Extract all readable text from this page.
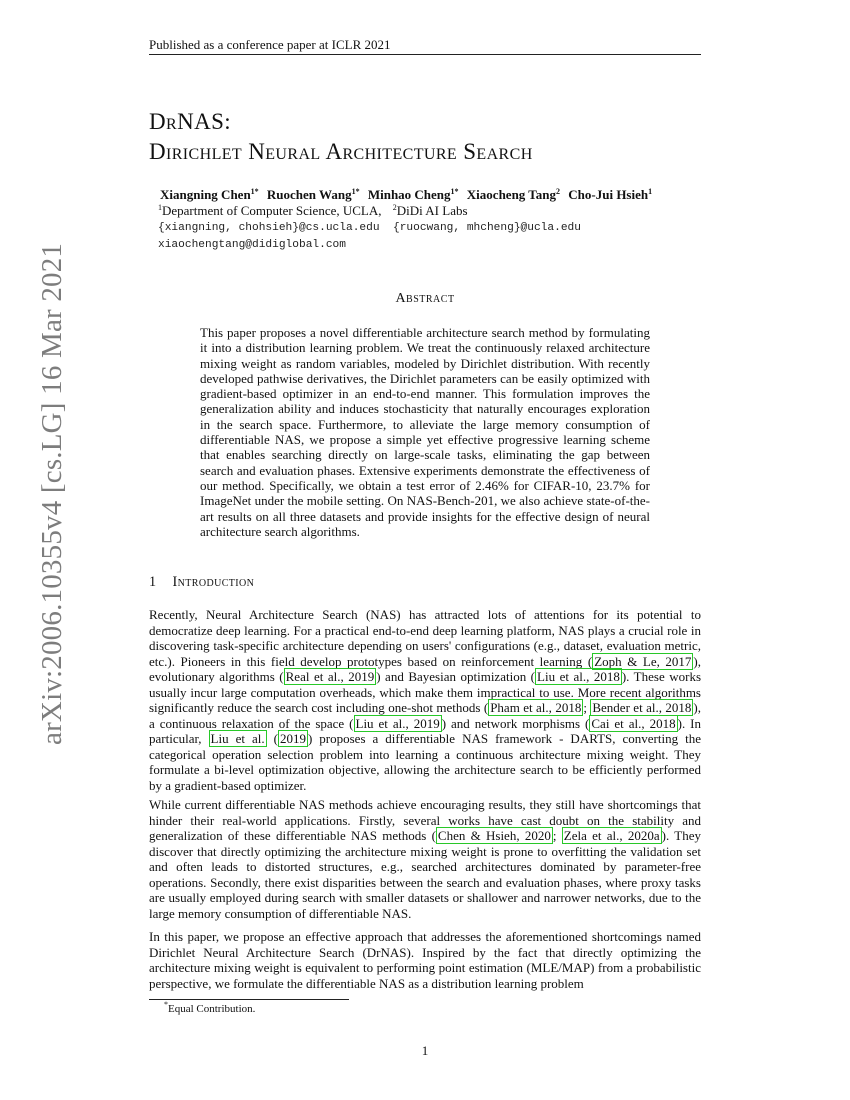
Published as a conference paper at ICLR 2021
arXiv:2006.10355v4 [cs.LG] 16 Mar 2021
DrNAS:
Dirichlet Neural Architecture Search
Xiangning Chen$^{1*}$ Ruochen Wang$^{1*}$ Minhao Cheng$^{1*}$ Xiaocheng Tang$^2$ Cho-Jui Hsieh$^1$
$^1$Department of Computer Science, UCLA, $^2$DiDi AI Labs
{xiangning, chohsieh}@cs.ucla.edu  {ruocwang, mhcheng}@ucla.edu
xiaochengtang@didiglobal.com
Abstract

This paper proposes a novel differentiable architecture search method by formulating it into a distribution learning problem. We treat the continuously relaxed architecture mixing weight as random variables, modeled by Dirichlet distribution. With recently developed pathwise derivatives, the Dirichlet parameters can be easily optimized with gradient-based optimizer in an end-to-end manner. This formulation improves the generalization ability and induces stochasticity that naturally encourages exploration in the search space. Furthermore, to alleviate the large memory consumption of differentiable NAS, we propose a simple yet effective progressive learning scheme that enables searching directly on large-scale tasks, eliminating the gap between search and evaluation phases. Extensive experiments demonstrate the effectiveness of our method. Specifically, we obtain a test error of 2.46% for CIFAR-10, 23.7% for ImageNet under the mobile setting. On NAS-Bench-201, we also achieve state-of-the-art results on all three datasets and provide insights for the effective design of neural architecture search algorithms.

1 Introduction

Recently, Neural Architecture Search (NAS) has attracted lots of attentions for its potential to democratize deep learning. For a practical end-to-end deep learning platform, NAS plays a crucial role in discovering task-specific architecture depending on users' configurations (e.g., dataset, evaluation metric, etc.). Pioneers in this field develop prototypes based on reinforcement learning ( Zoph & Le, 2017 ), evolutionary algorithms ( Real et al., 2019 ) and Bayesian optimization ( Liu et al., 2018 ). These works usually incur large computation overheads, which make them impractical to use. More recent algorithms significantly reduce the search cost including one-shot methods ( Pham et al., 2018 ; Bender et al., 2018 ), a continuous relaxation of the space ( Liu et al., 2019 ) and network morphisms ( Cai et al., 2018 ). In particular, Liu et al. ( 2019 ) proposes a differentiable NAS framework - DARTS, converting the categorical operation selection problem into learning a continuous architecture mixing weight. They formulate a bi-level optimization objective, allowing the architecture search to be efficiently performed by a gradient-based optimizer.

While current differentiable NAS methods achieve encouraging results, they still have shortcomings that hinder their real-world applications. Firstly, several works have cast doubt on the stability and generalization of these differentiable NAS methods ( Chen & Hsieh, 2020 ; Zela et al., 2020a ). They discover that directly optimizing the architecture mixing weight is prone to overfitting the validation set and often leads to distorted structures, e.g., searched architectures dominated by parameter-free operations. Secondly, there exist disparities between the search and evaluation phases, where proxy tasks are usually employed during search with smaller datasets or shallower and narrower networks, due to the large memory consumption of differentiable NAS.

In this paper, we propose an effective approach that addresses the aforementioned shortcomings named Dirichlet Neural Architecture Search (DrNAS). Inspired by the fact that directly optimizing the architecture mixing weight is equivalent to performing point estimation (MLE/MAP) from a probabilistic perspective, we formulate the differentiable NAS as a distribution learning problem

*Equal Contribution.
1
